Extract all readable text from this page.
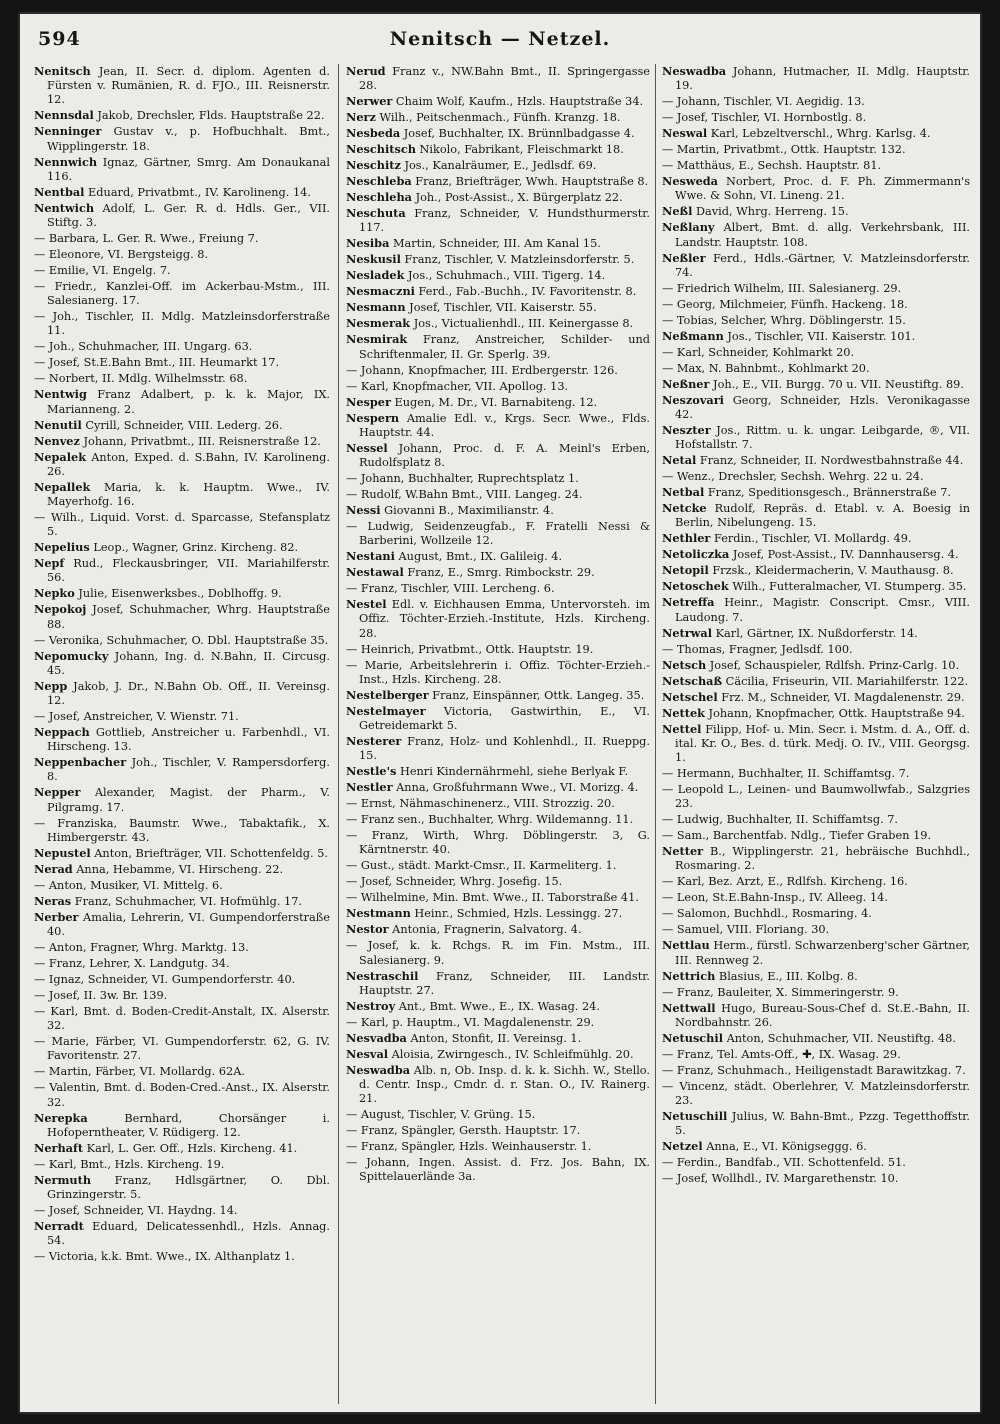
594	Nenitsch — Netzel.

Nenitsch Jean, II. Secr. d. diplom. Agenten d. Fürsten v. Rumänien, R. d. FJO., III. Reisnerstr. 12.

Nennsdal Jakob, Drechsler, Flds. Hauptstraße 22.

Nenninger Gustav v., p. Hofbuchhalt. Bmt., Wipplingerstr. 18.

Nennwich Ignaz, Gärtner, Smrg. Am Donaukanal 116.

Nentbal Eduard, Privatbmt., IV. Karolineng. 14.

Nentwich Adolf, L. Ger. R. d. Hdls. Ger., VII. Stiftg. 3.

— Barbara, L. Ger. R. Wwe., Freiung 7.

— Eleonore, VI. Bergsteigg. 8.

— Emilie, VI. Engelg. 7.

— Friedr., Kanzlei-Off. im Ackerbau-Mstm., III. Salesianerg. 17.

— Joh., Tischler, II. Mdlg. Matzleinsdorferstraße 11.

— Joh., Schuhmacher, III. Ungarg. 63.

— Josef, St.E.Bahn Bmt., III. Heumarkt 17.

— Norbert, II. Mdlg. Wilhelmsstr. 68.

Nentwig Franz Adalbert, p. k. k. Major, IX. Marianneng. 2.

Nenutil Cyrill, Schneider, VIII. Lederg. 26.

Nenvez Johann, Privatbmt., III. Reisnerstraße 12.

Nepalek Anton, Exped. d. S.Bahn, IV. Karolineng. 26.

Nepallek Maria, k. k. Hauptm. Wwe., IV. Mayerhofg. 16.

— Wilh., Liquid. Vorst. d. Sparcasse, Stefansplatz 5.

Nepelius Leop., Wagner, Grinz. Kircheng. 82.

Nepf Rud., Fleckausbringer, VII. Mariahilferstr. 56.

Nepko Julie, Eisenwerksbes., Doblhoffg. 9.

Nepokoj Josef, Schuhmacher, Whrg. Hauptstraße 88.

— Veronika, Schuhmacher, O. Dbl. Hauptstraße 35.

Nepomucky Johann, Ing. d. N.Bahn, II. Circusg. 45.

Nepp Jakob, J. Dr., N.Bahn Ob. Off., II. Vereinsg. 12.

— Josef, Anstreicher, V. Wienstr. 71.

Neppach Gottlieb, Anstreicher u. Farbenhdl., VI. Hirscheng. 13.

Neppenbacher Joh., Tischler, V. Rampersdorferg. 8.

Nepper Alexander, Magist. der Pharm., V. Pilgramg. 17.

— Franziska, Baumstr. Wwe., Tabaktafik., X. Himbergerstr. 43.

Nepustel Anton, Briefträger, VII. Schottenfeldg. 5.

Nerad Anna, Hebamme, VI. Hirscheng. 22.

— Anton, Musiker, VI. Mittelg. 6.

Neras Franz, Schuhmacher, VI. Hofmühlg. 17.

Nerber Amalia, Lehrerin, VI. Gumpendorferstraße 40.

— Anton, Fragner, Whrg. Marktg. 13.

— Franz, Lehrer, X. Landgutg. 34.

— Ignaz, Schneider, VI. Gumpendorferstr. 40.

— Josef, II. 3w. Br. 139.

— Karl, Bmt. d. Boden-Credit-Anstalt, IX. Alserstr. 32.

— Marie, Färber, VI. Gumpendorferstr. 62, G. IV. Favoritenstr. 27.

— Martin, Färber, VI. Mollardg. 62A.

— Valentin, Bmt. d. Boden-Cred.-Anst., IX. Alserstr. 32.

Nerepka Bernhard, Chorsänger i. Hofoperntheater, V. Rüdigerg. 12.

Nerhaft Karl, L. Ger. Off., Hzls. Kircheng. 41.

— Karl, Bmt., Hzls. Kircheng. 19.

Nermuth Franz, Hdlsgärtner, O. Dbl. Grinzingerstr. 5.

— Josef, Schneider, VI. Haydng. 14.

Nerradt Eduard, Delicatessenhdl., Hzls. Annag. 54.

— Victoria, k.k. Bmt. Wwe., IX. Althanplatz 1.

Nerud Franz v., NW.Bahn Bmt., II. Springergasse 28.

Nerwer Chaim Wolf, Kaufm., Hzls. Hauptstraße 34.

Nerz Wilh., Peitschenmach., Fünfh. Kranzg. 18.

Nesbeda Josef, Buchhalter, IX. Brünnlbadgasse 4.

Neschitsch Nikolo, Fabrikant, Fleischmarkt 18.

Neschitz Jos., Kanalräumer, E., Jedlsdf. 69.

Neschleba Franz, Briefträger, Wwh. Hauptstraße 8.

Neschleha Joh., Post-Assist., X. Bürgerplatz 22.

Neschuta Franz, Schneider, V. Hundsthurmerstr. 117.

Nesiba Martin, Schneider, III. Am Kanal 15.

Neskusil Franz, Tischler, V. Matzleinsdorferstr. 5.

Nesladek Jos., Schuhmach., VIII. Tigerg. 14.

Nesmaczni Ferd., Fab.-Buchh., IV. Favoritenstr. 8.

Nesmann Josef, Tischler, VII. Kaiserstr. 55.

Nesmerak Jos., Victualienhdl., III. Keinergasse 8.

Nesmirak Franz, Anstreicher, Schilder- und Schriftenmaler, II. Gr. Sperlg. 39.

— Johann, Knopfmacher, III. Erdbergerstr. 126.

— Karl, Knopfmacher, VII. Apollog. 13.

Nesper Eugen, M. Dr., VI. Barnabiteng. 12.

Nespern Amalie Edl. v., Krgs. Secr. Wwe., Flds. Hauptstr. 44.

Nessel Johann, Proc. d. F. A. Meinl's Erben, Rudolfsplatz 8.

— Johann, Buchhalter, Ruprechtsplatz 1.

— Rudolf, W.Bahn Bmt., VIII. Langeg. 24.

Nessi Giovanni B., Maximilianstr. 4.

— Ludwig, Seidenzeugfab., F. Fratelli Nessi & Barberini, Wollzeile 12.

Nestani August, Bmt., IX. Galileig. 4.

Nestawal Franz, E., Smrg. Rimbockstr. 29.

— Franz, Tischler, VIII. Lercheng. 6.

Nestel Edl. v. Eichhausen Emma, Untervorsteh. im Offiz. Töchter-Erzieh.-Institute, Hzls. Kircheng. 28.

— Heinrich, Privatbmt., Ottk. Hauptstr. 19.

— Marie, Arbeitslehrerin i. Offiz. Töchter-Erzieh.-Inst., Hzls. Kircheng. 28.

Nestelberger Franz, Einspänner, Ottk. Langeg. 35.

Nestelmayer Victoria, Gastwirthin, E., VI. Getreidemarkt 5.

Nesterer Franz, Holz- und Kohlenhdl., II. Rueppg. 15.

Nestle's Henri Kindernährmehl, siehe Berlyak F.

Nestler Anna, Großfuhrmann Wwe., VI. Morizg. 4.

— Ernst, Nähmaschinenerz., VIII. Strozzig. 20.

— Franz sen., Buchhalter, Whrg. Wildemanng. 11.

— Franz, Wirth, Whrg. Döblingerstr. 3, G. Kärntnerstr. 40.

— Gust., städt. Markt-Cmsr., II. Karmeliterg. 1.

— Josef, Schneider, Whrg. Josefig. 15.

— Wilhelmine, Min. Bmt. Wwe., II. Taborstraße 41.

Nestmann Heinr., Schmied, Hzls. Lessingg. 27.

Nestor Antonia, Fragnerin, Salvatorg. 4.

— Josef, k. k. Rchgs. R. im Fin. Mstm., III. Salesianerg. 9.

Nestraschil Franz, Schneider, III. Landstr. Hauptstr. 27.

Nestroy Ant., Bmt. Wwe., E., IX. Wasag. 24.

— Karl, p. Hauptm., VI. Magdalenenstr. 29.

Nesvadba Anton, Stonfit, II. Vereinsg. 1.

Nesval Aloisia, Zwirngesch., IV. Schleifmühlg. 20.

Neswadba Alb. n, Ob. Insp. d. k. k. Sichh. W., Stello. d. Centr. Insp., Cmdr. d. r. Stan. O., IV. Rainerg. 21.

— August, Tischler, V. Grüng. 15.

— Franz, Spängler, Gersth. Hauptstr. 17.

— Franz, Spängler, Hzls. Weinhauserstr. 1.

— Johann, Ingen. Assist. d. Frz. Jos. Bahn, IX. Spittelauerlände 3a.

Neswadba Johann, Hutmacher, II. Mdlg. Hauptstr. 19.

— Johann, Tischler, VI. Aegidig. 13.

— Josef, Tischler, VI. Hornbostlg. 8.

Neswal Karl, Lebzeltverschl., Whrg. Karlsg. 4.

— Martin, Privatbmt., Ottk. Hauptstr. 132.

— Matthäus, E., Sechsh. Hauptstr. 81.

Nesweda Norbert, Proc. d. F. Ph. Zimmermann's Wwe. & Sohn, VI. Lineng. 21.

Neßl David, Whrg. Herreng. 15.

Neßlany Albert, Bmt. d. allg. Verkehrsbank, III. Landstr. Hauptstr. 108.

Neßler Ferd., Hdls.-Gärtner, V. Matzleinsdorferstr. 74.

— Friedrich Wilhelm, III. Salesianerg. 29.

— Georg, Milchmeier, Fünfh. Hackeng. 18.

— Tobias, Selcher, Whrg. Döblingerstr. 15.

Neßmann Jos., Tischler, VII. Kaiserstr. 101.

— Karl, Schneider, Kohlmarkt 20.

— Max, N. Bahnbmt., Kohlmarkt 20.

Neßner Joh., E., VII. Burgg. 70 u. VII. Neustiftg. 89.

Neszovari Georg, Schneider, Hzls. Veronikagasse 42.

Neszter Jos., Rittm. u. k. ungar. Leibgarde, ®, VII. Hofstallstr. 7.

Netal Franz, Schneider, II. Nordwestbahnstraße 44.

— Wenz., Drechsler, Sechsh. Wehrg. 22 u. 24.

Netbal Franz, Speditionsgesch., Brännerstraße 7.

Netcke Rudolf, Repräs. d. Etabl. v. A. Boesig in Berlin, Nibelungeng. 15.

Nethler Ferdin., Tischler, VI. Mollardg. 49.

Netoliczka Josef, Post-Assist., IV. Dannhausersg. 4.

Netopil Frzsk., Kleidermacherin, V. Mauthausg. 8.

Netoschek Wilh., Futteralmacher, VI. Stumperg. 35.

Netreffa Heinr., Magistr. Conscript. Cmsr., VIII. Laudong. 7.

Netrwal Karl, Gärtner, IX. Nußdorferstr. 14.

— Thomas, Fragner, Jedlsdf. 100.

Netsch Josef, Schauspieler, Rdlfsh. Prinz-Carlg. 10.

Netschaß Cäcilia, Friseurin, VII. Mariahilferstr. 122.

Netschel Frz. M., Schneider, VI. Magdalenenstr. 29.

Nettek Johann, Knopfmacher, Ottk. Hauptstraße 94.

Nettel Filipp, Hof- u. Min. Secr. i. Mstm. d. A., Off. d. ital. Kr. O., Bes. d. türk. Medj. O. IV., VIII. Georgsg. 1.

— Hermann, Buchhalter, II. Schiffamtsg. 7.

— Leopold L., Leinen- und Baumwollwfab., Salzgries 23.

— Ludwig, Buchhalter, II. Schiffamtsg. 7.

— Sam., Barchentfab. Ndlg., Tiefer Graben 19.

Netter B., Wipplingerstr. 21, hebräische Buchhdl., Rosmaring. 2.

— Karl, Bez. Arzt, E., Rdlfsh. Kircheng. 16.

— Leon, St.E.Bahn-Insp., IV. Alleeg. 14.

— Salomon, Buchhdl., Rosmaring. 4.

— Samuel, VIII. Floriang. 30.

Nettlau Herm., fürstl. Schwarzenberg'scher Gärtner, III. Rennweg 2.

Nettrich Blasius, E., III. Kolbg. 8.

— Franz, Bauleiter, X. Simmeringerstr. 9.

Nettwall Hugo, Bureau-Sous-Chef d. St.E.-Bahn, II. Nordbahnstr. 26.

Netuschil Anton, Schuhmacher, VII. Neustiftg. 48.

— Franz, Tel. Amts-Off., ✚, IX. Wasag. 29.

— Franz, Schuhmach., Heiligenstadt Barawitzkag. 7.

— Vincenz, städt. Oberlehrer, V. Matzleinsdorferstr. 23.

Netuschill Julius, W. Bahn-Bmt., Pzzg. Tegetthoffstr. 5.

Netzel Anna, E., VI. Königseggg. 6.

— Ferdin., Bandfab., VII. Schottenfeld. 51.

— Josef, Wollhdl., IV. Margarethenstr. 10.
